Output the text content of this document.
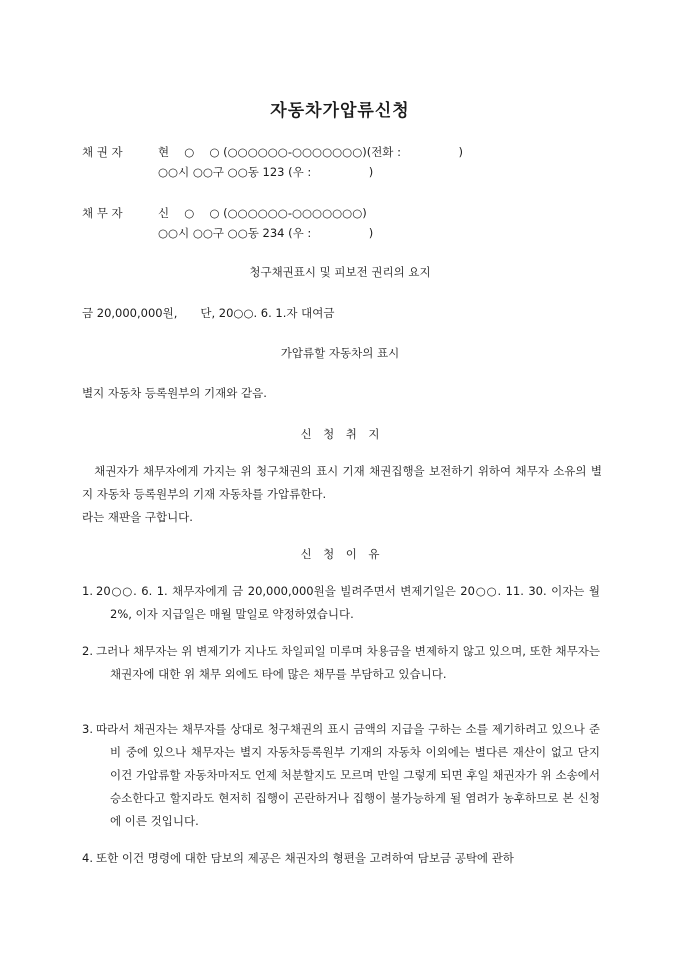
자동차가압류신청
채 권 자	현　 ○　 ○ (○○○○○○-○○○○○○○)(전화 :　　　　　)
○○시 ○○구 ○○동 123 (우 :　　　　　)
채 무 자	신　 ○　 ○ (○○○○○○-○○○○○○○)
○○시 ○○구 ○○동 234 (우 :　　　　　)
청구채권표시 및 피보전 권리의 요지
금 20,000,000원,　　단, 20○○. 6. 1.자 대여금
가압류할 자동차의 표시
별지 자동차 등록원부의 기재와 같음.
신　청　취　지
　채권자가 채무자에게 가지는 위 청구채권의 표시 기재 채권집행을 보전하기 위하여 채무자 소유의 별지 자동차 등록원부의 기재 자동차를 가압류한다.
라는 재판을 구합니다.
신　청　이　유
1. 20○○. 6. 1. 채무자에게 금 20,000,000원을 빌려주면서 변제기일은 20○○. 11. 30. 이자는 월 2%, 이자 지급일은 매월 말일로 약정하였습니다.
2. 그러나 채무자는 위 변제기가 지나도 차일피일 미루며 차용금을 변제하지 않고 있으며, 또한 채무자는 채권자에 대한 위 채무 외에도 타에 많은 채무를 부담하고 있습니다.
3. 따라서 채권자는 채무자를 상대로 청구채권의 표시 금액의 지급을 구하는 소를 제기하려고 있으나 준비 중에 있으나 채무자는 별지 자동차등록원부 기재의 자동차 이외에는 별다른 재산이 없고 단지 이건 가압류할 자동차마저도 언제 처분할지도 모르며 만일 그렇게 되면 후일 채권자가 위 소송에서 승소한다고 할지라도 현저히 집행이 곤란하거나 집행이 불가능하게 될 염려가 농후하므로 본 신청에 이른 것입니다.
4. 또한 이건 명령에 대한 담보의 제공은 채권자의 형편을 고려하여 담보금 공탁에 관하
